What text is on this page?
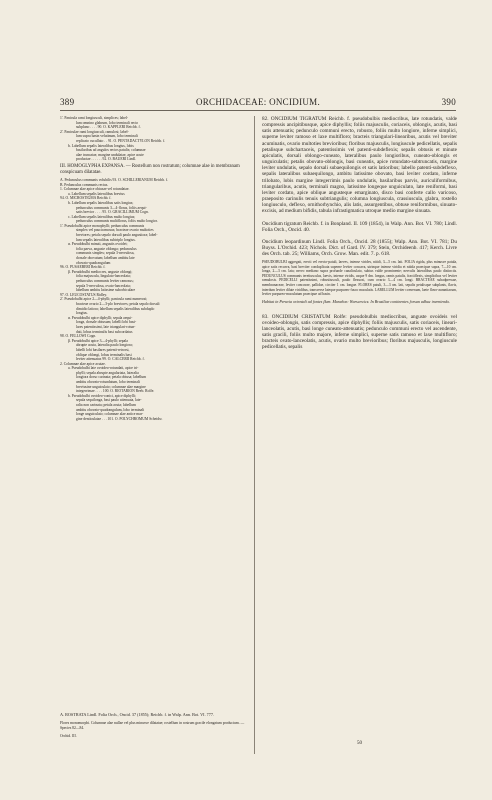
389	ORCHIDACEAE: ONCIDIUM.	390
1'. Panicula rami longiusculi, simplices; label-
lum omnino glabrum, lobo terminali recto
subplano . . . . 90. O. KAPPLERI Reichb. f.
2'. Paniculae rami longiusculi, ramulosi; label-
lum supra basin velutinum, lobo terminali
replicato cucullato . . 91. O. PENTADACTYLON Reichb. f.
b. Labellum sepalis lateralibus longius, lobis
basilaribus ad angulos rectos patulis; columnae
alae truncatae, margine undulatae, apice acute
productae . . . . . . 92. O. BAUERI Lindl.

III. HOMOGLYPHA EXPANSA. — Rostellum non rostratum; columnae alae in membranam conspicuam dilatatae.

A. Pedunculus communis volubilis 93. O. SCHILLERIANUM Reichb. f.
B. Pedunculus communis rectus.
1. Columnae alae apice obtusae vel rotundatae.
a. Labellum sepalis lateralibus brevius
94. O. MICROSTIGMA Reichb. f.
b. Labellum sepalis lateralibus satis longius;
pedunculus communis 3—4-florus, foliis aequi-
satis brevior . . . . 95. O. GRACILLIMUM Cogn.
c. Labellum sepalis lateralibus multo longius;
pedunculus communis multiflorus, foliis multo longior.
1'. Pseudobulbi apice monophylli; pedunculus communis
simplex vel pauciramosus; bracteae ovario multoties
breviores; petala sepalo dorsali paulo angustiora; label-
lum sepalis lateralibus subtriplo longius.
α. Pseudobulbi minuti, angustis ovoidei;
folia parva, anguste oblonga; pedunculus
communis simplex; sepala 3-nervulosa,
dorsale obovatum; labellum ambitu late
obovato-quadrangulum
96. O. PUSAEBERI Reichb. f.
β. Pseudobulbi mediocres, anguste oblongi;
folia majuscula, lingulato-lanceolata;
pedunculus communis leviter ramosus;
sepala 5-nervulosa, ovato-lanceolata;
labellum ambitu latissime suborbiculare
97. O. LEUCOSTATUS Ridley.
2'. Pseudobulbi apice 2—4-phylli; panicula rami numerosi;
bracteae ovario 2—3-plo breviores; petala sepalo dorsali
dimidio latiora; labellum sepalis lateralibus subduplo
longius.
α. Pseudobulbi apice diphylli; sepala aequi-
longa, dorsale obtusum; labelli lobi basi-
lares patentissimi, late triangulari-rotun-
dati, lobus terminalis basi subcordatus
98. O. FELLOWI Cogn.
β. Pseudobulbi apice 3—4-phylli; sepala
abrupte acuta, lateralia paulo longiora;
labelli lobi basilares patenti-retrorsi,
oblique oblongi, lobus terminalis basi
leviter attenuatus 99. O. CALCERII Reichb. f.
2. Columnae alae apice acutae.
a. Pseudobulbi late ovoideo-rotundati, apice tri-
phylli; sepala abrupte angulariata, lateralia
longiora dorso carinata; petala obtusa; labellum
ambitu obovato-rotundatum, lobo terminali
breviusine unguiculato; columnae alae margine
integerrimae . . . . 100. O. RIOTARION Reeb. Rolfe.
b. Pseudobulbi ovoideo-conici, apice diphylli;
sepala sequilonga, basi paulo attenuata, late-
ralia non carinata; petala acuta; labellum
ambitu obovato-quadrangulum, lobo terminali
longe unguiculato; columnae alae antice mar-
gine denticulatae . . . 101. O. POLYCHROMUM Scheidw.

A. ROSTRATA Lindl. Folia Orch., Oncid. 37 (1855); Reichb. f. in Walp. Ann. Bot. VI. 777.

Flores monomorphi. Columnae alae nullae vel plus minusve dilatatae; rostellum in rostrum gracile elongatum productum. — Species 82—84.

Orchid. III.

82. ONCIDIUM TIGRATUM Reichb. f. pseudobulbis mediocribus, late rotundatis, valde compressis ancipitibusque, apice diphyllis; foliis majusculis, coriaceis, oblongis, acutis, basi satis attenuatis; pedunculo communi erecto, robusto, foliis multo longiore, inferne simplici, superne leviter ramoso et laxe multifloro; bracteis triangulari-linearibus, acutis vel breviter acuminatis, ovario multoties brevioribus; floribus majusculis, longiuscule pedicellatis, sepalis petalisque subchartaceis, patentissimis vel patenti-subdeflexis; sepalis obtusis et minute apiculatis, dorsali oblongo-cuneato, lateralibus paulo longioribus, cuneato-oblongis et unguiculatis; petalis obovato-oblongis, basi cuneatis, apice rotundato-subtruncatis, margine leviter undulatis, sepalo dorsali subaequilongis et satis latioribus; labello patenti-subdeflexo, sepalis lateralibus subaequilongo, ambitu latissime obovato, basi leviter cordato, inferne trilobato, lobis margine integerrimis paulo undulatis, basilaribus parvis, auriculiformibus, triangularibus, acutis, terminali magno, latissime longeque unguiculato, late reniformi, basi leviter cordato, apice oblique angusteque emarginato, disco basi conferte callo varicoso, praeposito carinulis tenuis subtriangulis; columna longiuscula, crassiuscula, glabra, rostello longiusculo, deflexo, ornithorhynchio, alis latis, assurgentibus, obtuse reniformibus, sinuato-excisis, ad medium bifidis, tabula infrastigmatica utroque medio margine sinuata.

Oncidium tigratum Reichb. f. in Bonpland. II. 109 (1854), in Walp. Ann. Bot. VI. 780; Lindl. Folia Orch., Oncid. 40.

Oncidium leopardinum Lindl. Folia Orch., Oncid. 28 (1855); Walp. Ann. Bot. VI. 781; Du Buyss. L'Orchid. 423; Nichols. Dict. of Gard. IV. 379; Stein, Orchideenb. 417; Kerch. Livre des Orch. tab. 25; Williams, Orch. Grow. Man. edit. 7. p. 618.

PSEUDOBULBI aggregati, erecti vel erecto-patuli, laeves, intense virides, nitidi, 3—5 cm. lati. FOLIA rigida, plus minusve patula, apice satis recurva, basi breviter conduplicata superne leviter concava, utrinque intense viridia et nitida praecipue supra, 7—10 cm. longa, 2—3 cm. lata; nervo mediano supra profunde canaliculato, subtus valde prominente; nervulis lateralibus paulo distinctis. PEDUNCULUS communis teretiusculus, laevis, intense viridis, usque 9 dm. longus, ramis patulis, fractiflexis, simplicibus vel leviter ramulosis. PEDICELLI patentissimi, robustiusculi, paulo flexuosi, cum ovario 3—4 cm. longi. BRACTEAE subadpressae, membranaceae, leviter concavae, pallidae, circiter 1 cm. longae. FLORES patuli, 3—3 cm. lati, sepalis petalisque subplanis, flavis, interdum leviter dilute viridibus, transverse lateque purpureo-fusco maculatis. LABELLUM leviter convexum, laete flavo-aurantiacum, leviter purpureo-maculatum praecipue ad basin.

Habitat in Peruvia orientali ad fontes flum. Marañon: Warscewicz. In Brasiliae continentes forsan adhuc inveniendo.

83. ONCIDIUM CRISTATUM Rolfe: pseudobulbis mediocribus, anguste ovoideis vel ovoideo-oblongis, satis compressis, apice diphyllis; foliis majusculis, satis coriaceis, lineari-lanceolatis, acutis, basi longe cuneato-attenuatis; pedunculo communi erecto vel ascendente, satis gracili, foliis multo majore, inferne simplici, superne satis ramoso et laxe multifloro; bracteis ovato-lanceolatis, acutis, ovario multo brevioribus; floribus majusculis, longiuscule pedicellatis, sepalis

50
